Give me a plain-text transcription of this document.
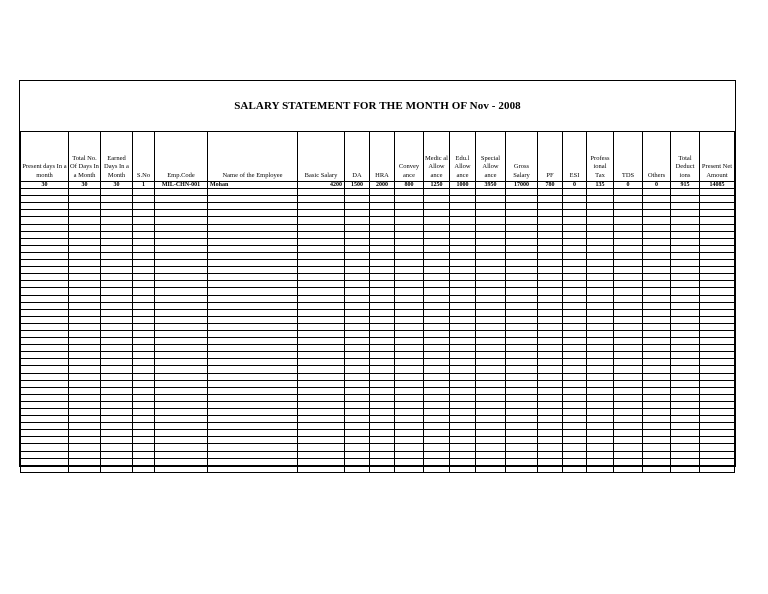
SALARY STATEMENT FOR THE MONTH OF Nov - 2008
Present days In a month	Total No. Of Days In a Month	Earned Days In a Month	S.No	Emp.Code	Name of the Employee	Basic Salary	DA	HRA	Convey ance	Medic al Allow ance	Edu.l Allow ance	Special Allow ance	Gross Salary	PF	ESI	Profess ional Tax	TDS	Others	Total Deduct ions	Present Net Amount
30	30	30	1	MIL-CHN-001	Mohan	4200	1500	2000	800	1250	1000	3950	17000	780	0	135	0	0	915	14085
